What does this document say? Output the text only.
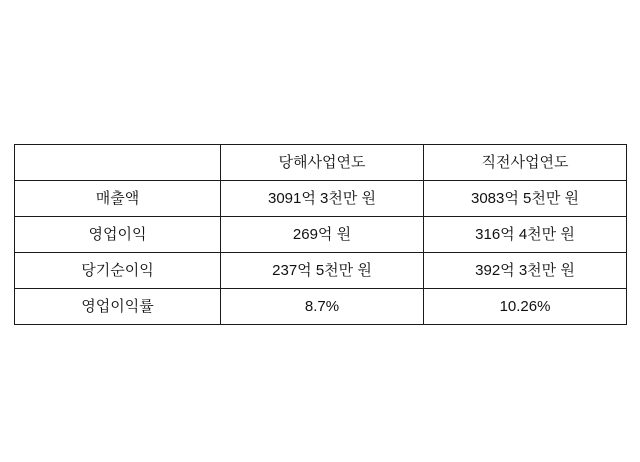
	당해사업연도	직전사업연도
매출액	3091억 3천만 원	3083억 5천만 원
영업이익	269억 원	316억 4천만 원
당기순이익	237억 5천만 원	392억 3천만 원
영업이익률	8.7%	10.26%
